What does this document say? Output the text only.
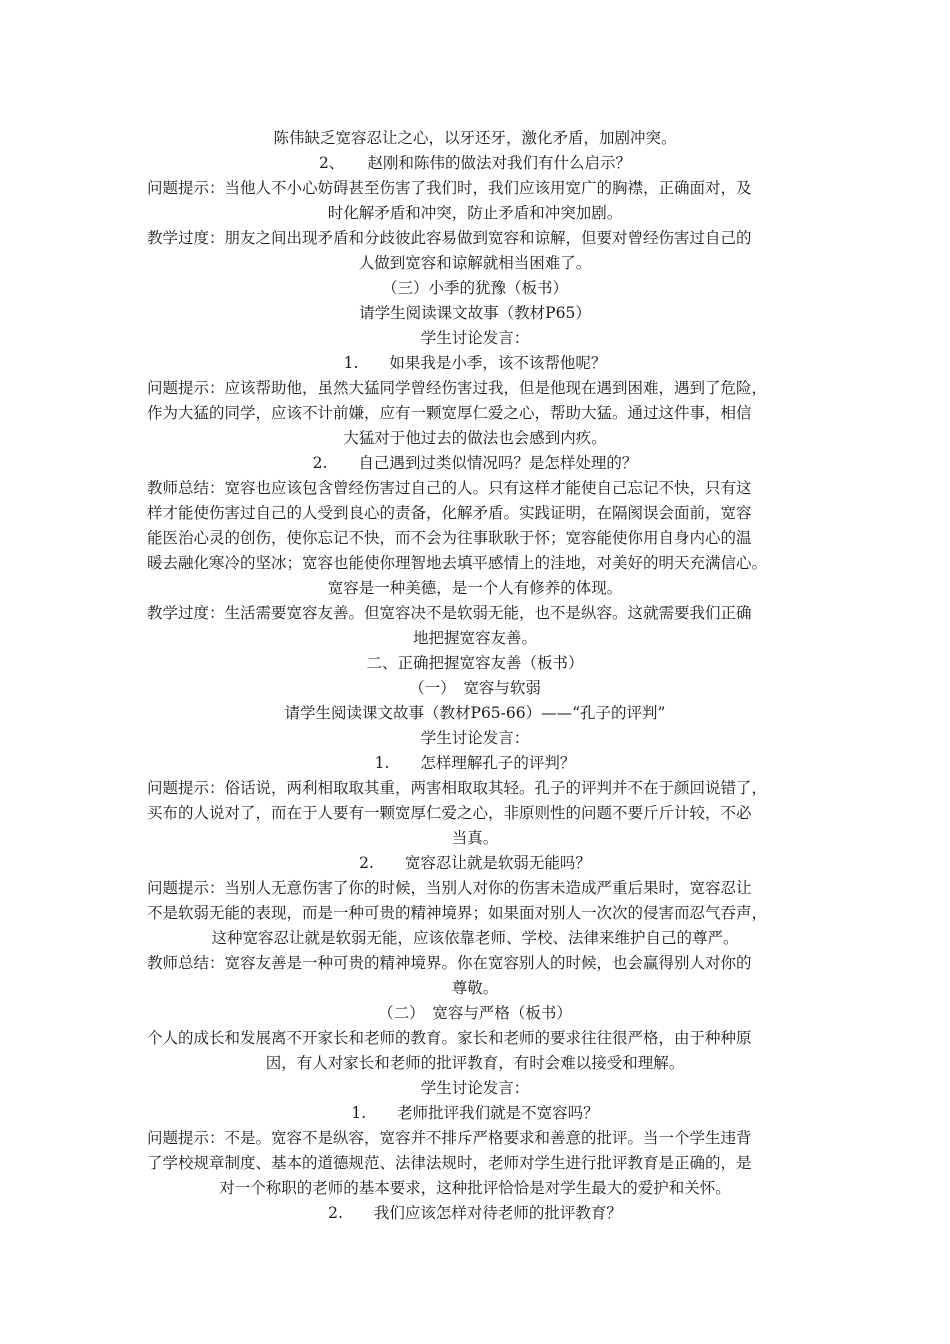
陈伟缺乏宽容忍让之心，以牙还牙，激化矛盾，加剧冲突。
2、　　赵刚和陈伟的做法对我们有什么启示？
问题提示：当他人不小心妨碍甚至伤害了我们时，我们应该用宽广的胸襟，正确面对，及
时化解矛盾和冲突，防止矛盾和冲突加剧。
教学过度：朋友之间出现矛盾和分歧彼此容易做到宽容和谅解，但要对曾经伤害过自己的
人做到宽容和谅解就相当困难了。
（三）小季的犹豫（板书）
请学生阅读课文故事（教材P65）
学生讨论发言：
1.　　如果我是小季，该不该帮他呢？
问题提示：应该帮助他，虽然大猛同学曾经伤害过我，但是他现在遇到困难，遇到了危险，
作为大猛的同学，应该不计前嫌，应有一颗宽厚仁爱之心，帮助大猛。通过这件事，相信
大猛对于他过去的做法也会感到内疚。
2.　　自己遇到过类似情况吗？是怎样处理的？
教师总结：宽容也应该包含曾经伤害过自己的人。只有这样才能使自己忘记不快，只有这
样才能使伤害过自己的人受到良心的责备，化解矛盾。实践证明，在隔阂误会面前，宽容
能医治心灵的创伤，使你忘记不快，而不会为往事耿耿于怀；宽容能使你用自身内心的温
暖去融化寒冷的坚冰；宽容也能使你理智地去填平感情上的洼地，对美好的明天充满信心。
宽容是一种美德，是一个人有修养的体现。
教学过度：生活需要宽容友善。但宽容决不是软弱无能，也不是纵容。这就需要我们正确
地把握宽容友善。
二、正确把握宽容友善（板书）
（一）　宽容与软弱
请学生阅读课文故事（教材P65-66）——“孔子的评判”
学生讨论发言：
1.　　怎样理解孔子的评判？
问题提示：俗话说，两利相取取其重，两害相取取其轻。孔子的评判并不在于颜回说错了，
买布的人说对了，而在于人要有一颗宽厚仁爱之心，非原则性的问题不要斤斤计较，不必
当真。
2.　　宽容忍让就是软弱无能吗？
问题提示：当别人无意伤害了你的时候，当别人对你的伤害未造成严重后果时，宽容忍让
不是软弱无能的表现，而是一种可贵的精神境界；如果面对别人一次次的侵害而忍气吞声，
这种宽容忍让就是软弱无能，应该依靠老师、学校、法律来维护自己的尊严。
教师总结：宽容友善是一种可贵的精神境界。你在宽容别人的时候，也会赢得别人对你的
尊敬。
（二）　宽容与严格（板书）
个人的成长和发展离不开家长和老师的教育。家长和老师的要求往往很严格，由于种种原
因，有人对家长和老师的批评教育，有时会难以接受和理解。
学生讨论发言：
1.　　老师批评我们就是不宽容吗？
问题提示：不是。宽容不是纵容，宽容并不排斥严格要求和善意的批评。当一个学生违背
了学校规章制度、基本的道德规范、法律法规时，老师对学生进行批评教育是正确的，是
对一个称职的老师的基本要求，这种批评恰恰是对学生最大的爱护和关怀。
2.　　我们应该怎样对待老师的批评教育？
